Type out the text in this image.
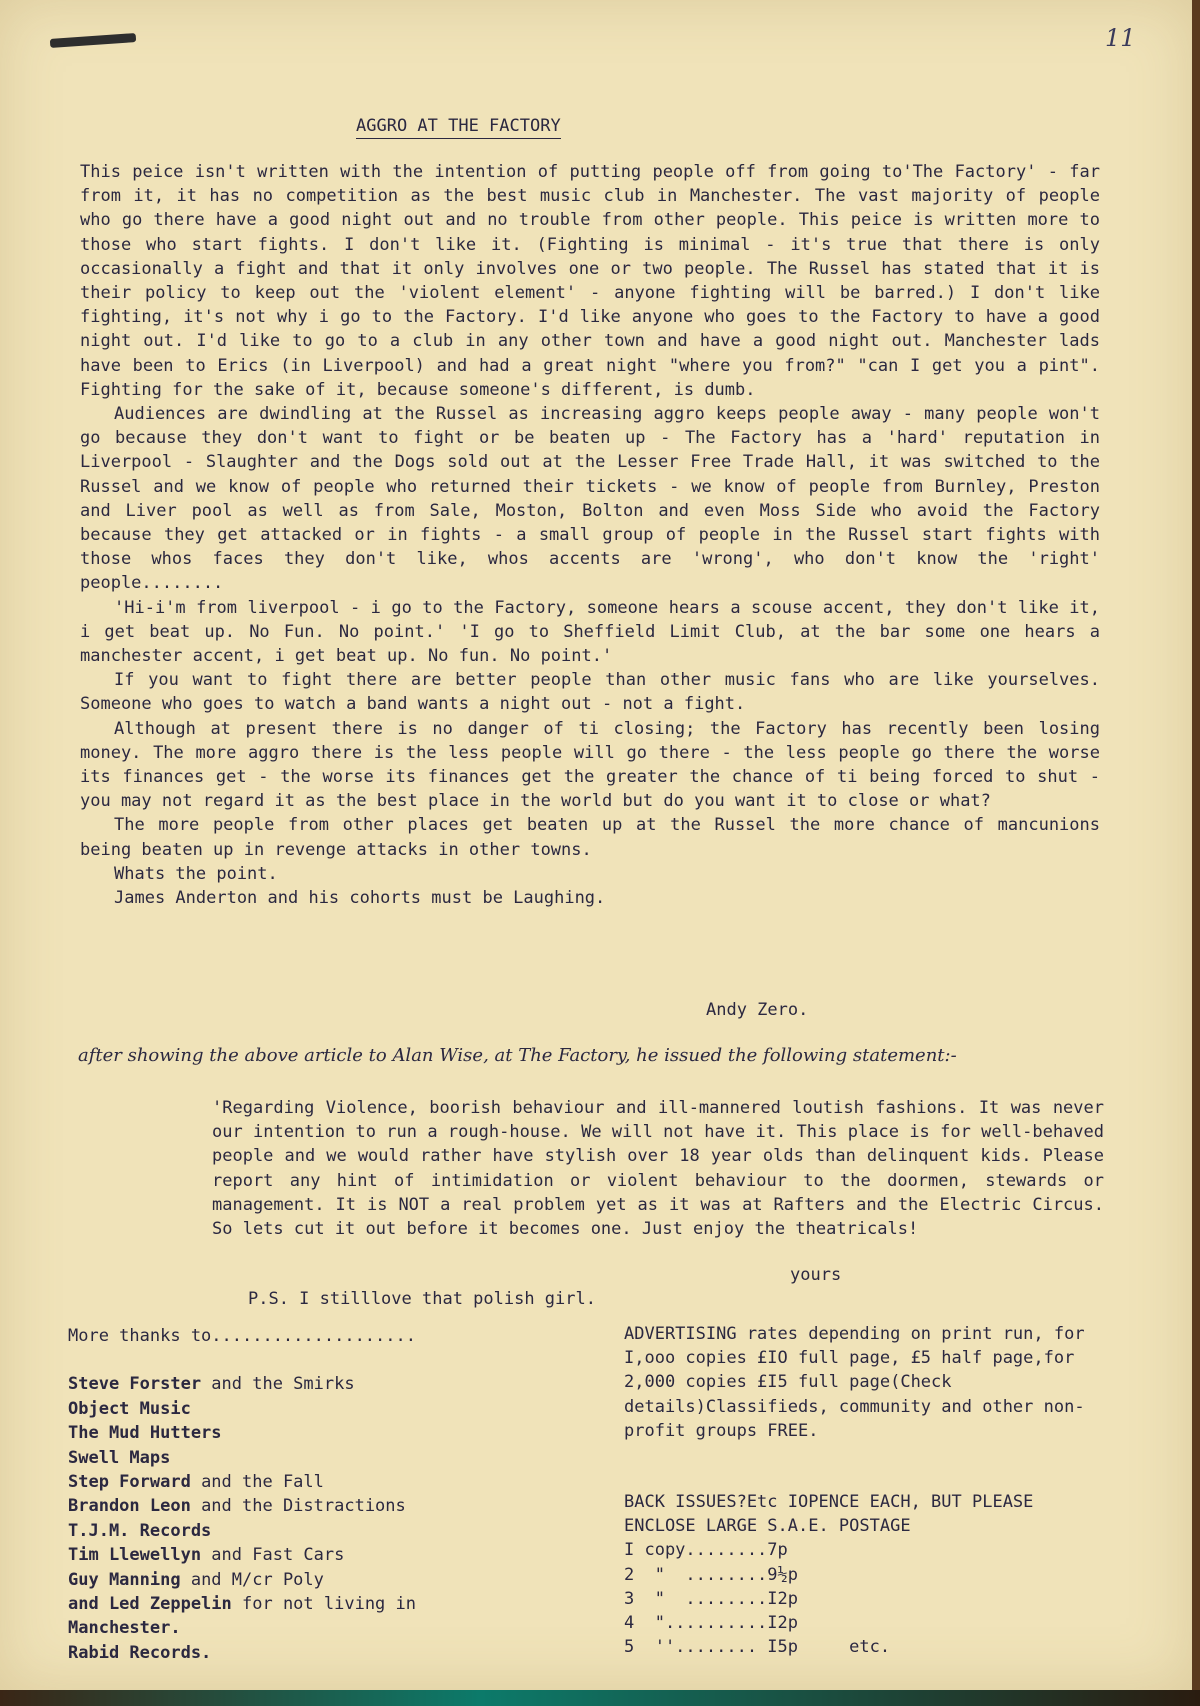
11
AGGRO AT THE FACTORY

This peice isn't written with the intention of putting people off from going to'The Factory' - far from it, it has no competition as the best music club in Manchester. The vast majority of people who go there have a good night out and no trouble from other people. This peice is written more to those who start fights. I don't like it. (Fighting is minimal - it's true that there is only occasionally a fight and that it only involves one or two people. The Russel has stated that it is their policy to keep out the 'violent element' - anyone fighting will be barred.) I don't like fighting, it's not why i go to the Factory. I'd like anyone who goes to the Factory to have a good night out. I'd like to go to a club in any other town and have a good night out. Manchester lads have been to Erics (in Liverpool) and had a great night "where you from?" "can I get you a pint". Fighting for the sake of it, because someone's different, is dumb.

Audiences are dwindling at the Russel as increasing aggro keeps people away - many people won't go because they don't want to fight or be beaten up - The Factory has a 'hard' reputation in Liverpool - Slaughter and the Dogs sold out at the Lesser Free Trade Hall, it was switched to the Russel and we know of people who returned their tickets - we know of people from Burnley, Preston and Liver pool as well as from Sale, Moston, Bolton and even Moss Side who avoid the Factory because they get attacked or in fights - a small group of people in the Russel start fights with those whos faces they don't like, whos accents are 'wrong', who don't know the 'right' people........

'Hi-i'm from liverpool - i go to the Factory, someone hears a scouse accent, they don't like it, i get beat up. No Fun. No point.' 'I go to Sheffield Limit Club, at the bar some one hears a manchester accent, i get beat up. No fun. No point.'

If you want to fight there are better people than other music fans who are like yourselves. Someone who goes to watch a band wants a night out - not a fight.

Although at present there is no danger of ti closing; the Factory has recently been losing money. The more aggro there is the less people will go there - the less people go there the worse its finances get - the worse its finances get the greater the chance of ti being forced to shut - you may not regard it as the best place in the world but do you want it to close or what?

The more people from other places get beaten up at the Russel the more chance of mancunions being beaten up in revenge attacks in other towns.

Whats the point.

James Anderton and his cohorts must be Laughing.

Andy Zero.
after showing the above article to Alan Wise, at The Factory, he issued the following statement:-
'Regarding Violence, boorish behaviour and ill-mannered loutish fashions. It was never our intention to run a rough-house. We will not have it. This place is for well-behaved people and we would rather have stylish over 18 year olds than delinquent kids. Please report any hint of intimidation or violent behaviour to the doormen, stewards or management. It is NOT a real problem yet as it was at Rafters and the Electric Circus. So lets cut it out before it becomes one. Just enjoy the theatricals!
yours
P.S. I stilllove that polish girl.
More thanks to....................
Steve Forster and the Smirks
Object Music
The Mud Hutters
Swell Maps
Step Forward and the Fall
Brandon Leon and the Distractions
T.J.M. Records
Tim Llewellyn and Fast Cars
Guy Manning and M/cr Poly
and Led Zeppelin for not living in
Manchester.
Rabid Records.
ADVERTISING rates depending on print run, for I,ooo copies £IO full page, £5 half page,for 2,000 copies £I5 full page(Check details)Classifieds, community and other non-profit groups FREE.
BACK ISSUES?Etc IOPENCE EACH, BUT PLEASE
ENCLOSE LARGE S.A.E. POSTAGE
I copy........7p
2  "  ........9½p
3  "  ........I2p
4  "..........I2p
5  ''........ I5p     etc.
